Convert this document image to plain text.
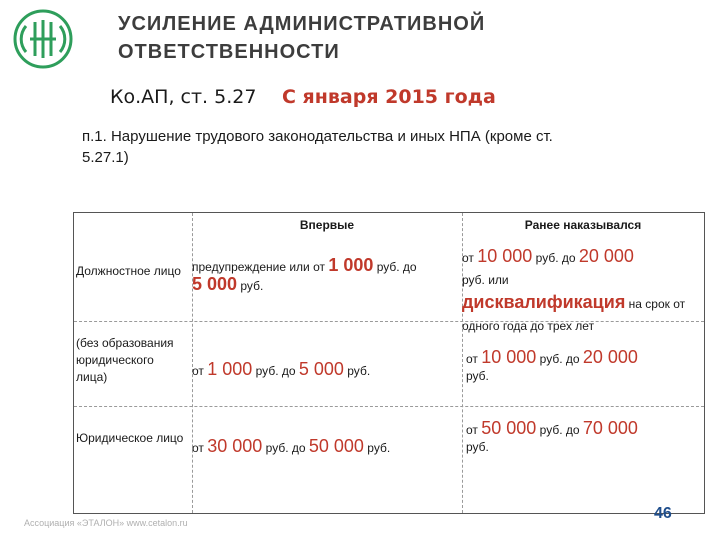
УСИЛЕНИЕ АДМИНИСТРАТИВНОЙ
ОТВЕТСТВЕННОСТИ
Ко.АП, ст. 5.27 С января 2015 года
п.1. Нарушение трудового законодательства и иных НПА (кроме ст.
5.27.1)
Впервые	Ранее наказывался
Должностное лицо предупреждение или от 1 000 руб. до
5 000 руб.
от 10 000 руб. до 20 000
руб. или
дисквалификация на срок от
одного года до трех лет
(без образования юридического лица)	от 1 000 руб. до 5 000 руб.
от 10 000 руб. до 20 000
руб.
Юридическое лицо
от 30 000 руб. до 50 000 руб.
от 50 000 руб. до 70 000
руб.
Ассоциация «ЭТАЛОН» www.cetalon.ru
46
